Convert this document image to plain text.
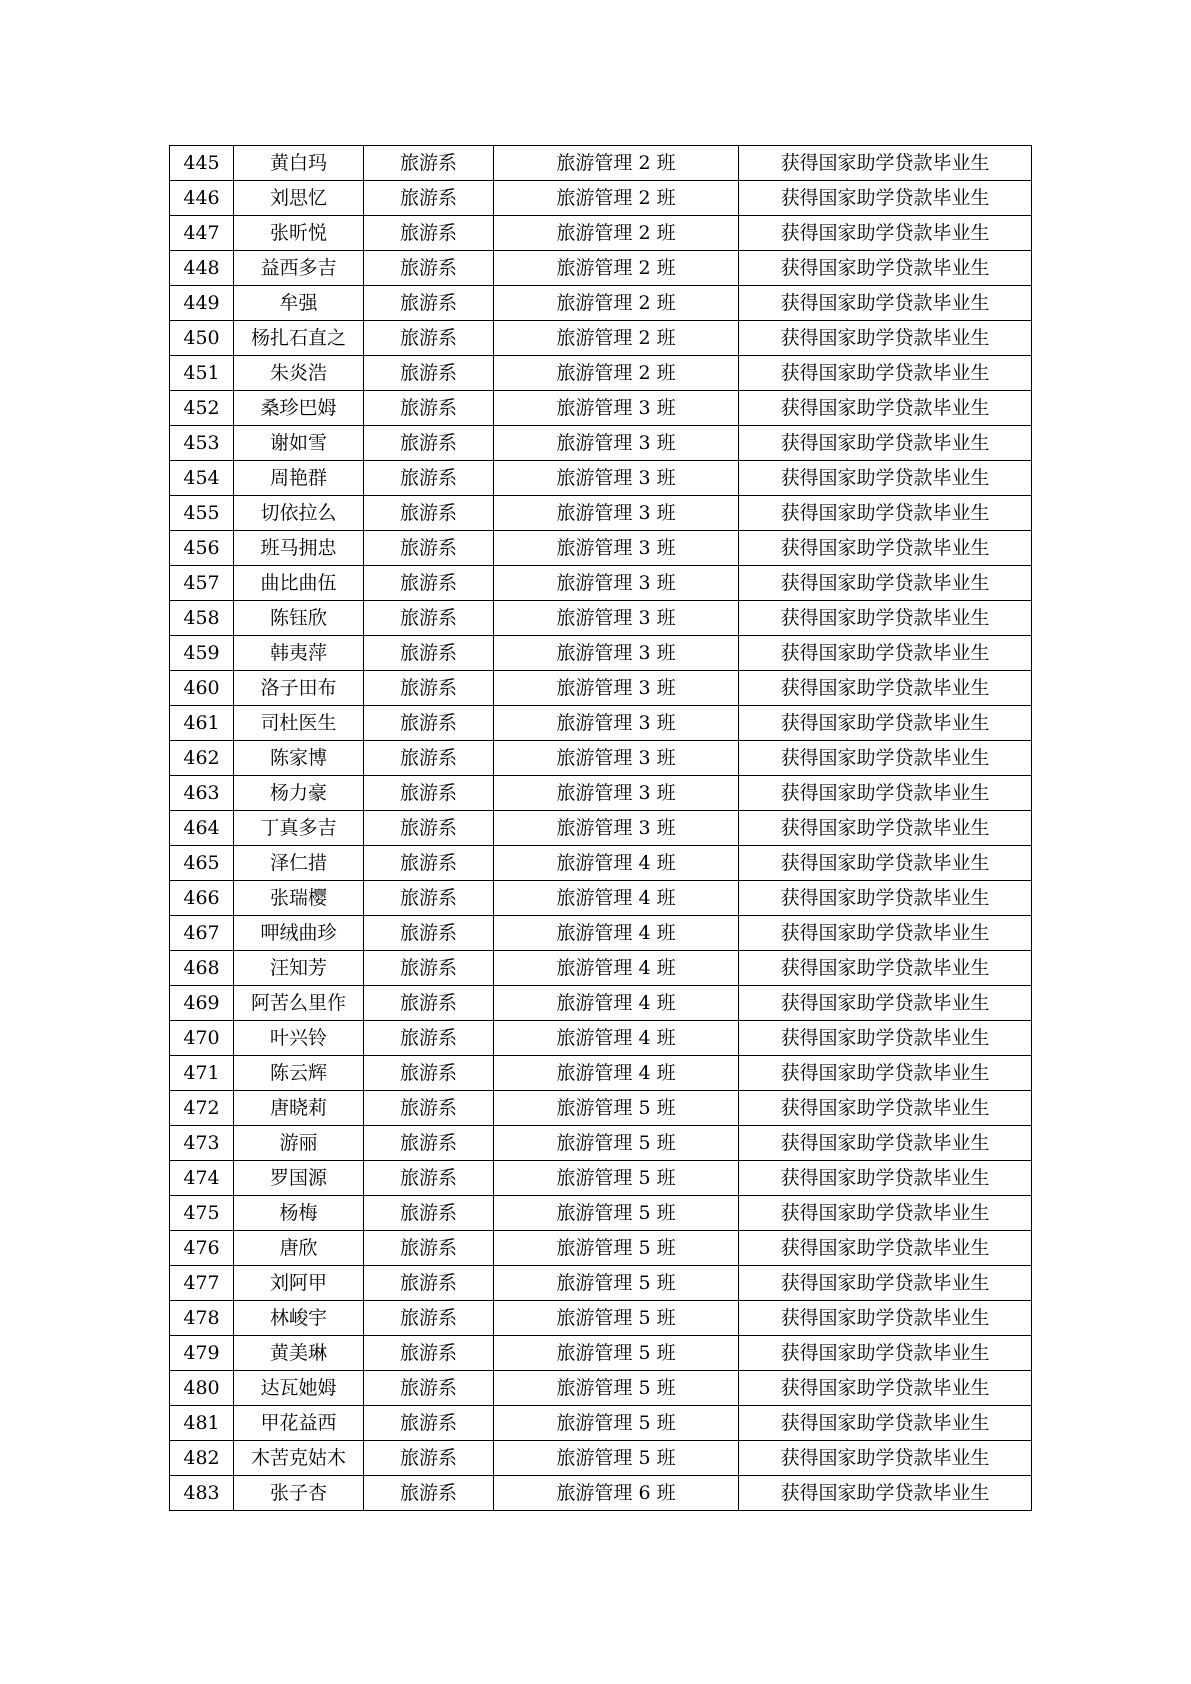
445	黄白玛	旅游系	旅游管理 2 班	获得国家助学贷款毕业生
446	刘思忆	旅游系	旅游管理 2 班	获得国家助学贷款毕业生
447	张昕悦	旅游系	旅游管理 2 班	获得国家助学贷款毕业生
448	益西多吉	旅游系	旅游管理 2 班	获得国家助学贷款毕业生
449	牟强	旅游系	旅游管理 2 班	获得国家助学贷款毕业生
450	杨扎石直之	旅游系	旅游管理 2 班	获得国家助学贷款毕业生
451	朱炎浩	旅游系	旅游管理 2 班	获得国家助学贷款毕业生
452	桑珍巴姆	旅游系	旅游管理 3 班	获得国家助学贷款毕业生
453	谢如雪	旅游系	旅游管理 3 班	获得国家助学贷款毕业生
454	周艳群	旅游系	旅游管理 3 班	获得国家助学贷款毕业生
455	切依拉么	旅游系	旅游管理 3 班	获得国家助学贷款毕业生
456	班马拥忠	旅游系	旅游管理 3 班	获得国家助学贷款毕业生
457	曲比曲伍	旅游系	旅游管理 3 班	获得国家助学贷款毕业生
458	陈钰欣	旅游系	旅游管理 3 班	获得国家助学贷款毕业生
459	韩夷萍	旅游系	旅游管理 3 班	获得国家助学贷款毕业生
460	洛子田布	旅游系	旅游管理 3 班	获得国家助学贷款毕业生
461	司杜医生	旅游系	旅游管理 3 班	获得国家助学贷款毕业生
462	陈家博	旅游系	旅游管理 3 班	获得国家助学贷款毕业生
463	杨力豪	旅游系	旅游管理 3 班	获得国家助学贷款毕业生
464	丁真多吉	旅游系	旅游管理 3 班	获得国家助学贷款毕业生
465	泽仁措	旅游系	旅游管理 4 班	获得国家助学贷款毕业生
466	张瑞樱	旅游系	旅游管理 4 班	获得国家助学贷款毕业生
467	呷绒曲珍	旅游系	旅游管理 4 班	获得国家助学贷款毕业生
468	汪知芳	旅游系	旅游管理 4 班	获得国家助学贷款毕业生
469	阿苦么里作	旅游系	旅游管理 4 班	获得国家助学贷款毕业生
470	叶兴铃	旅游系	旅游管理 4 班	获得国家助学贷款毕业生
471	陈云辉	旅游系	旅游管理 4 班	获得国家助学贷款毕业生
472	唐晓莉	旅游系	旅游管理 5 班	获得国家助学贷款毕业生
473	游丽	旅游系	旅游管理 5 班	获得国家助学贷款毕业生
474	罗国源	旅游系	旅游管理 5 班	获得国家助学贷款毕业生
475	杨梅	旅游系	旅游管理 5 班	获得国家助学贷款毕业生
476	唐欣	旅游系	旅游管理 5 班	获得国家助学贷款毕业生
477	刘阿甲	旅游系	旅游管理 5 班	获得国家助学贷款毕业生
478	林峻宇	旅游系	旅游管理 5 班	获得国家助学贷款毕业生
479	黄美琳	旅游系	旅游管理 5 班	获得国家助学贷款毕业生
480	达瓦她姆	旅游系	旅游管理 5 班	获得国家助学贷款毕业生
481	甲花益西	旅游系	旅游管理 5 班	获得国家助学贷款毕业生
482	木苦克姑木	旅游系	旅游管理 5 班	获得国家助学贷款毕业生
483	张子杏	旅游系	旅游管理 6 班	获得国家助学贷款毕业生
